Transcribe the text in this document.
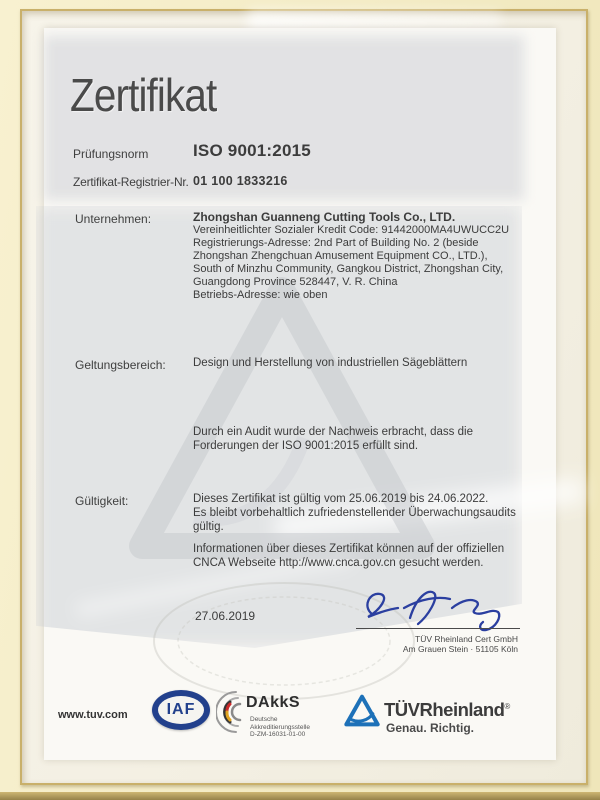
Zertifikat
Prüfungsnorm	ISO 9001:2015
Zertifikat-Registrier-Nr. 01 100 1833216
Unternehmen:	Zhongshan Guanneng Cutting Tools Co., LTD.
Vereinheitlichter Sozialer Kredit Code: 91442000MA4UWUCC2U
Registrierungs-Adresse: 2nd Part of Building No. 2 (beside
Zhongshan Zhengchuan Amusement Equipment CO., LTD.),
South of Minzhu Community, Gangkou District, Zhongshan City,
Guangdong Province 528447, V. R. China
Betriebs-Adresse: wie oben
Geltungsbereich: Design und Herstellung von industriellen Sägeblättern
Durch ein Audit wurde der Nachweis erbracht, dass die
Forderungen der ISO 9001:2015 erfüllt sind.
Gültigkeit:	Dieses Zertifikat ist gültig vom 25.06.2019 bis 24.06.2022.
Es bleibt vorbehaltlich zufriedenstellender Überwachungsaudits
gültig.
Informationen über dieses Zertifikat können auf der offiziellen
CNCA Webseite http://www.cnca.gov.cn gesucht werden.
27.06.2019
TÜV Rheinland Cert GmbH
Am Grauen Stein · 51105 Köln
www.tuv.com	IAF	DAkkS
Deutsche
Akkreditierungsstelle
D-ZM-16031-01-00
TÜVRheinland®
Genau. Richtig.
